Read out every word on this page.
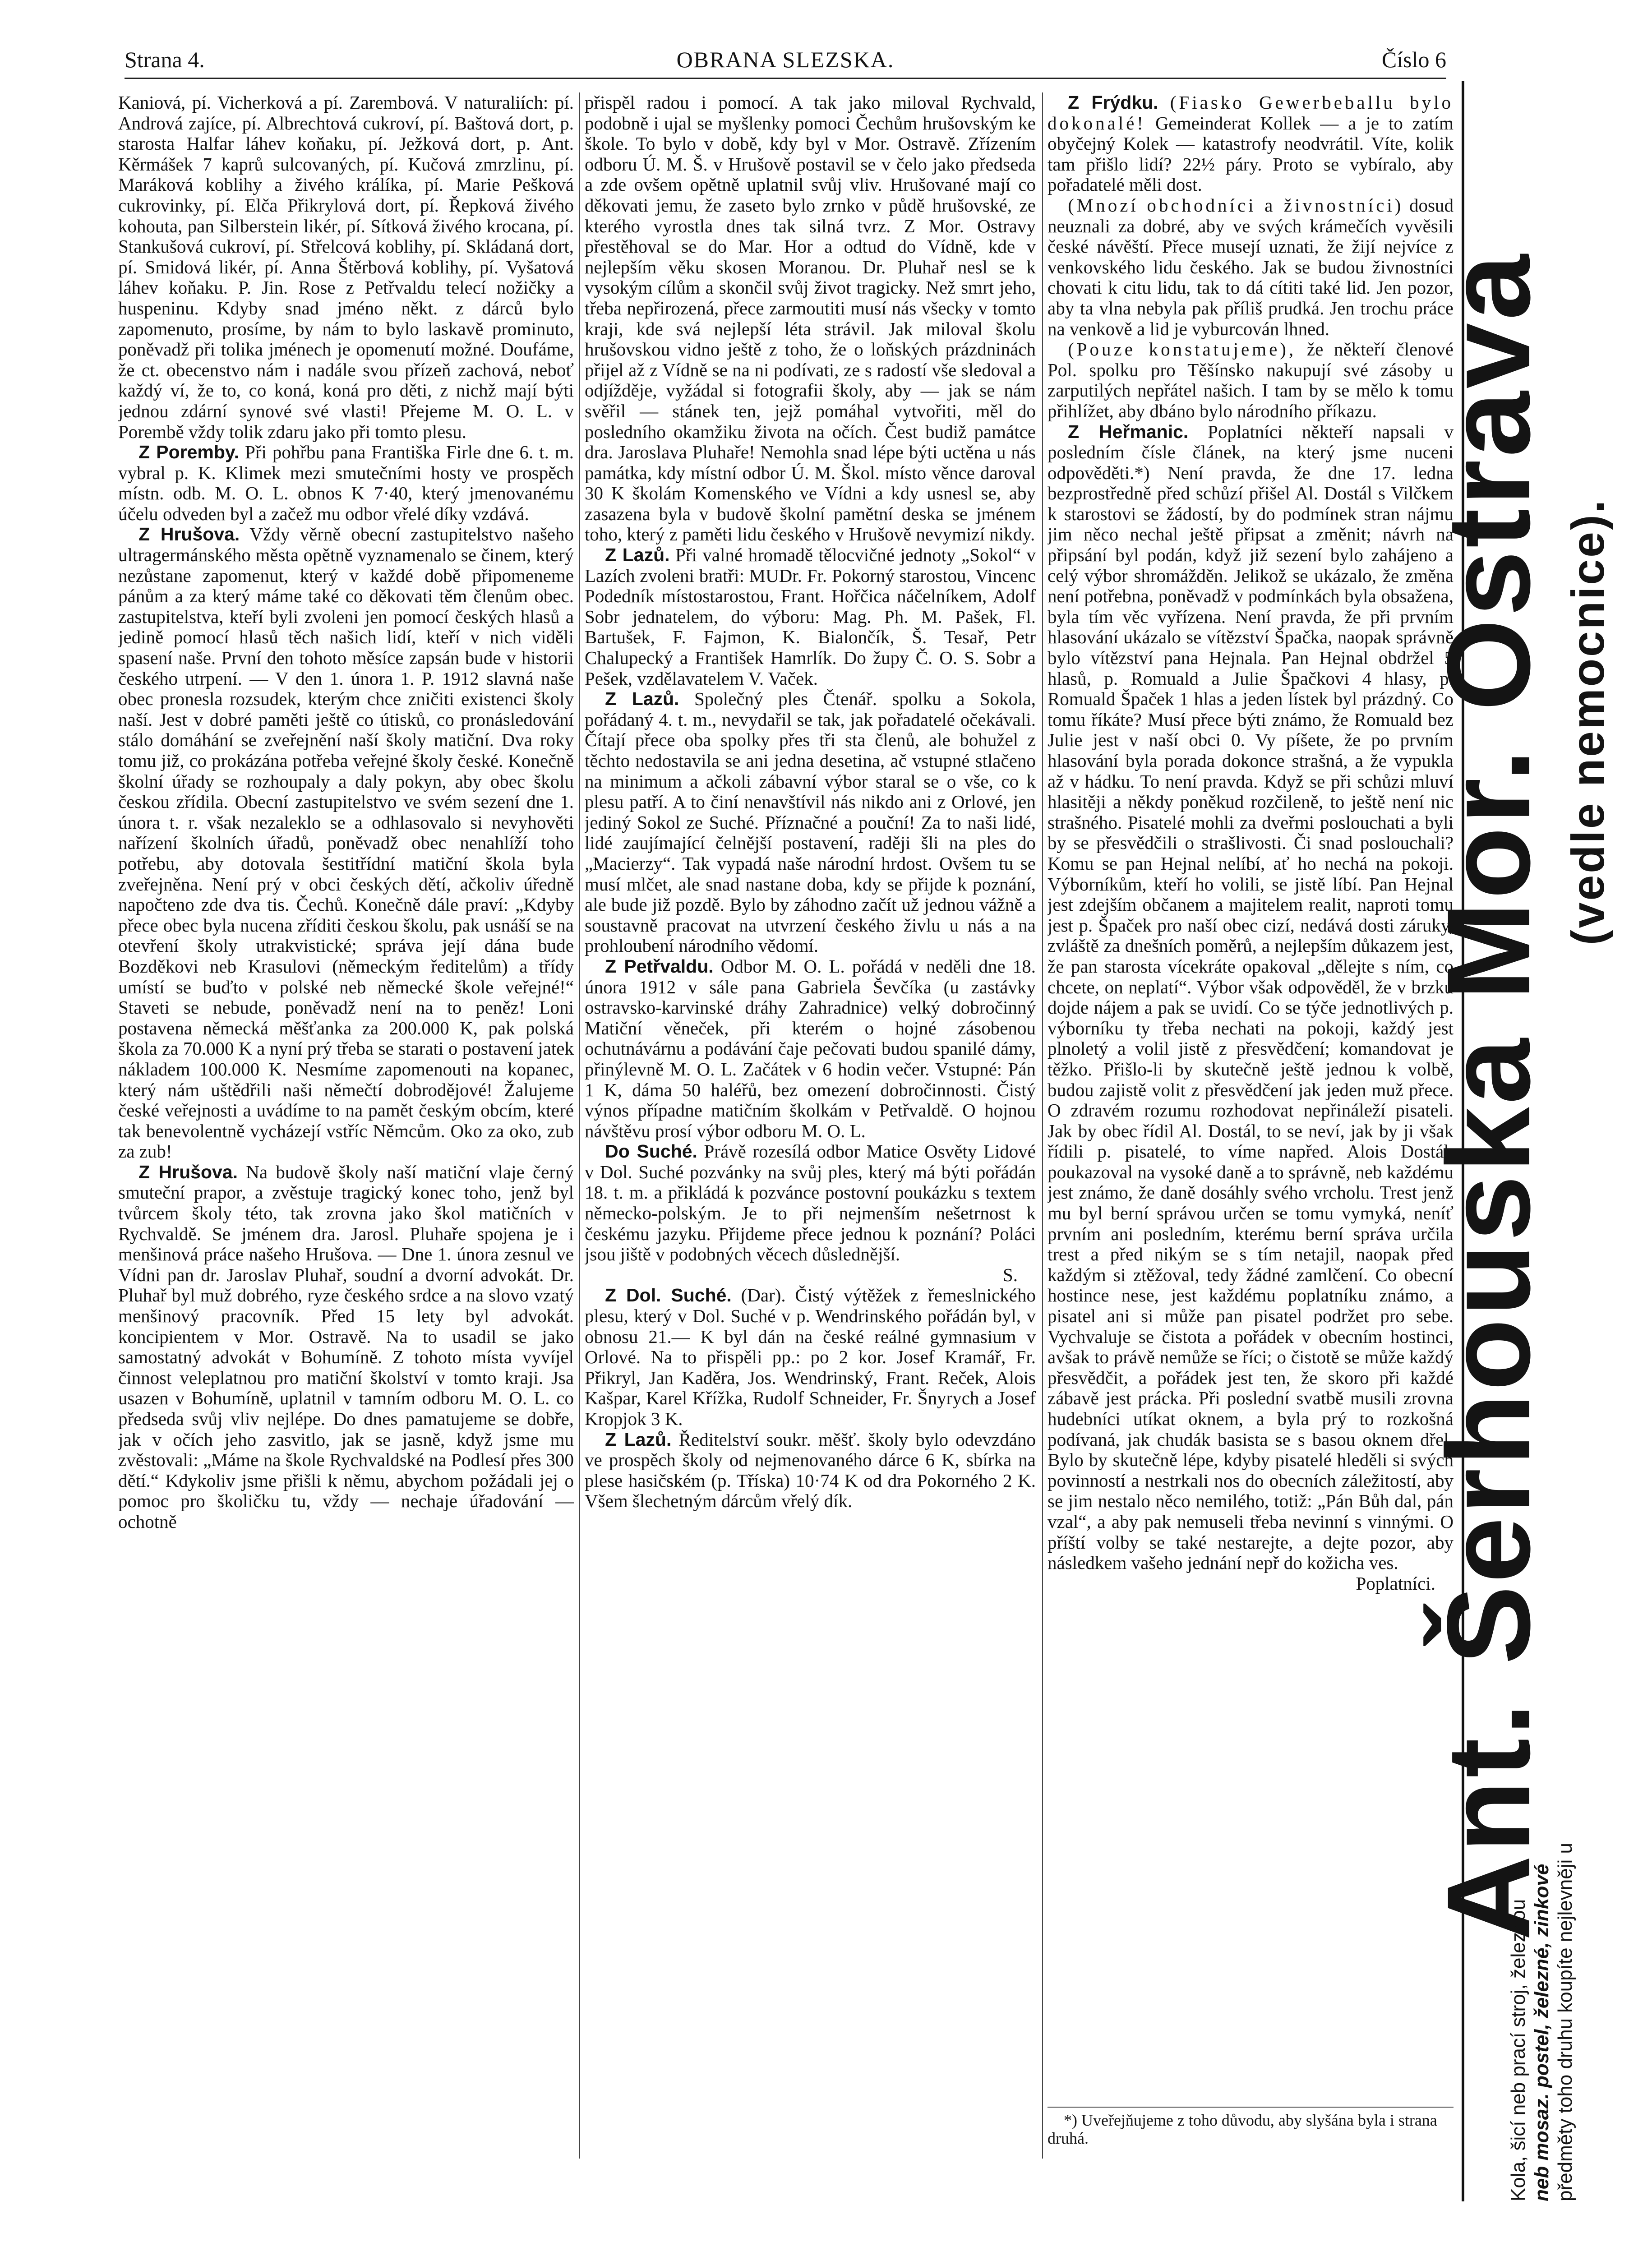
OBRANA SLEZSKA.
Strana 4.	Číslo 6

Kaniová, pí. Vicherková a pí. Zarembová. V naturaliích: pí. Andrová zajíce, pí. Albrechtová cukroví, pí. Baštová dort, p. starosta Halfar láhev koňaku, pí. Ježková dort, p. Ant. Kěrmášek 7 kaprů sulcovaných, pí. Kučová zmrzlinu, pí. Maráková koblihy a živého králíka, pí. Marie Pešková cukrovinky, pí. Elča Přikrylová dort, pí. Řepková živého kohouta, pan Silberstein likér, pí. Sítková živého krocana, pí. Stankušová cukroví, pí. Střelcová koblihy, pí. Skládaná dort, pí. Smidová likér, pí. Anna Štěrbová koblihy, pí. Vyšatová láhev koňaku. P. Jin. Rose z Petřvaldu telecí nožičky a huspeninu. Kdyby snad jméno někt. z dárců bylo zapomenuto, prosíme, by nám to bylo laskavě prominuto, poněvadž při tolika jménech je opomenutí možné. Doufáme, že ct. obecenstvo nám i nadále svou přízeň zachová, neboť každý ví, že to, co koná, koná pro děti, z nichž mají býti jednou zdární synové své vlasti! Přejeme M. O. L. v Porembě vždy tolik zdaru jako při tomto plesu.

Z Poremby. Při pohřbu pana Františka Firle dne 6. t. m. vybral p. K. Klimek mezi smutečními hosty ve prospěch místn. odb. M. O. L. obnos K 7·40, který jmenovanému účelu odveden byl a začež mu odbor vřelé díky vzdává.

Z Hrušova. Vždy věrně obecní zastupitelstvo našeho ultragermánského města opětně vyznamenalo se činem, který nezůstane zapomenut, který v každé době připomeneme pánům a za který máme také co děkovati těm členům obec. zastupitelstva, kteří byli zvoleni jen pomocí českých hlasů a jedině pomocí hlasů těch našich lidí, kteří v nich viděli spasení naše. První den tohoto měsíce zapsán bude v historii českého utrpení. — V den 1. února 1. P. 1912 slavná naše obec pronesla rozsudek, kterým chce zničiti existenci školy naší. Jest v dobré paměti ještě co útisků, co pronásledování stálo domáhání se zveřejnění naší školy matiční. Dva roky tomu již, co prokázána potřeba veřejné školy české. Konečně školní úřady se rozhoupaly a daly pokyn, aby obec školu českou zřídila. Obecní zastupitelstvo ve svém sezení dne 1. února t. r. však nezaleklo se a odhlasovalo si nevyhověti nařízení školních úřadů, poněvadž obec nenahlíží toho potřebu, aby dotovala šestitřídní matiční škola byla zveřejněna. Není prý v obci českých dětí, ačkoliv úředně napočteno zde dva tis. Čechů. Konečně dále praví: „Kdyby přece obec byla nucena zříditi českou školu, pak usnáší se na otevření školy utrakvistické; správa její dána bude Bozděkovi neb Krasulovi (německým ředitelům) a třídy umístí se buďto v polské neb německé škole veřejné!“ Staveti se nebude, poněvadž není na to peněz! Loni postavena německá měšťanka za 200.000 K, pak polská škola za 70.000 K a nyní prý třeba se starati o postavení jatek nákladem 100.000 K. Nesmíme zapomenouti na kopanec, který nám uštědřili naši němečtí dobrodějové! Žalujeme české veřejnosti a uvádíme to na pamět českým obcím, které tak benevolentně vycházejí vstříc Němcům. Oko za oko, zub za zub!

Z Hrušova. Na budově školy naší matiční vlaje černý smuteční prapor, a zvěstuje tragický konec toho, jenž byl tvůrcem školy této, tak zrovna jako škol matičních v Rychvaldě. Se jménem dra. Jarosl. Pluhaře spojena je i menšinová práce našeho Hrušova. — Dne 1. února zesnul ve Vídni pan dr. Jaroslav Pluhař, soudní a dvorní advokát. Dr. Pluhař byl muž dobrého, ryze českého srdce a na slovo vzatý menšinový pracovník. Před 15 lety byl advokát. koncipientem v Mor. Ostravě. Na to usadil se jako samostatný advokát v Bohumíně. Z tohoto místa vyvíjel činnost veleplatnou pro matiční školství v tomto kraji. Jsa usazen v Bohumíně, uplatnil v tamním odboru M. O. L. co předseda svůj vliv nejlépe. Do dnes pamatujeme se dobře, jak v očích jeho zasvitlo, jak se jasně, když jsme mu zvěstovali: „Máme na škole Rychvaldské na Podlesí přes 300 dětí.“ Kdykoliv jsme přišli k němu, abychom požádali jej o pomoc pro školičku tu, vždy — nechaje úřadování — ochotně

přispěl radou i pomocí. A tak jako miloval Rychvald, podobně i ujal se myšlenky pomoci Čechům hrušovským ke škole. To bylo v době, kdy byl v Mor. Ostravě. Zřízením odboru Ú. M. Š. v Hrušově postavil se v čelo jako předseda a zde ovšem opětně uplatnil svůj vliv. Hrušované mají co děkovati jemu, že zaseto bylo zrnko v půdě hrušovské, ze kterého vyrostla dnes tak silná tvrz. Z Mor. Ostravy přestěhoval se do Mar. Hor a odtud do Vídně, kde v nejlepším věku skosen Moranou. Dr. Pluhař nesl se k vysokým cílům a skončil svůj život tragicky. Než smrt jeho, třeba nepřirozená, přece zarmoutiti musí nás všecky v tomto kraji, kde svá nejlepší léta strávil. Jak miloval školu hrušovskou vidno ještě z toho, že o loňských prázdninách přijel až z Vídně se na ni podívati, ze s radostí vše sledoval a odjížděje, vyžádal si fotografii školy, aby — jak se nám svěřil — stánek ten, jejž pomáhal vytvořiti, měl do posledního okamžiku života na očích. Čest budiž památce dra. Jaroslava Pluhaře! Nemohla snad lépe býti uctěna u nás památka, kdy místní odbor Ú. M. Škol. místo věnce daroval 30 K školám Komenského ve Vídni a kdy usnesl se, aby zasazena byla v budově školní pamětní deska se jménem toho, který z paměti lidu českého v Hrušově nevymizí nikdy.

Z Lazů. Při valné hromadě tělocvičné jednoty „Sokol“ v Lazích zvoleni bratři: MUDr. Fr. Pokorný starostou, Vincenc Podedník místostarostou, Frant. Hořčica náčelníkem, Adolf Sobr jednatelem, do výboru: Mag. Ph. M. Pašek, Fl. Bartušek, F. Fajmon, K. Bialončík, Š. Tesař, Petr Chalupecký a František Hamrlík. Do župy Č. O. S. Sobr a Pešek, vzdělavatelem V. Vaček.

Z Lazů. Společný ples Čtenář. spolku a Sokola, pořádaný 4. t. m., nevydařil se tak, jak pořadatelé očekávali. Čítají přece oba spolky přes tři sta členů, ale bohužel z těchto nedostavila se ani jedna desetina, ač vstupné stlačeno na minimum a ačkoli zábavní výbor staral se o vše, co k plesu patří. A to činí nenavštívil nás nikdo ani z Orlové, jen jediný Sokol ze Suché. Příznačné a pouční! Za to naši lidé, lidé zaujímající čelnější postavení, raději šli na ples do „Macierzy“. Tak vypadá naše národní hrdost. Ovšem tu se musí mlčet, ale snad nastane doba, kdy se přijde k poznání, ale bude již pozdě. Bylo by záhodno začít už jednou vážně a soustavně pracovat na utvrzení českého živlu u nás a na prohloubení národního vědomí.

Z Petřvaldu. Odbor M. O. L. pořádá v neděli dne 18. února 1912 v sále pana Gabriela Ševčíka (u zastávky ostravsko-karvinské dráhy Zahradnice) velký dobročinný Matiční věneček, při kterém o hojné zásobenou ochutnávárnu a podávání čaje pečovati budou spanilé dámy, přinýlevně M. O. L. Začátek v 6 hodin večer. Vstupné: Pán 1 K, dáma 50 haléřů, bez omezení dobročinnosti. Čistý výnos případne matičním školkám v Petřvaldě. O hojnou návštěvu prosí výbor odboru M. O. L.

Do Suché. Právě rozesílá odbor Matice Osvěty Lidové v Dol. Suché pozvánky na svůj ples, který má býti pořádán 18. t. m. a přikládá k pozvánce postovní poukázku s textem německo-polským. Je to při nejmenším nešetrnost k českému jazyku. Přijdeme přece jednou k poznání? Poláci jsou jiště v podobných věcech důslednější.

S.

Z Dol. Suché. (Dar). Čistý výtěžek z řemeslnického plesu, který v Dol. Suché v p. Wendrinského pořádán byl, v obnosu 21.— K byl dán na české reálné gymnasium v Orlové. Na to přispěli pp.: po 2 kor. Josef Kramář, Fr. Přikryl, Jan Kaděra, Jos. Wendrinský, Frant. Reček, Alois Kašpar, Karel Křížka, Rudolf Schneider, Fr. Šnyrych a Josef Kropjok 3 K.

Z Lazů. Ředitelství soukr. měšť. školy bylo odevzdáno ve prospěch školy od nejmenovaného dárce 6 K, sbírka na plese hasičském (p. Tříska) 10·74 K od dra Pokorného 2 K. Všem šlechetným dárcům vřelý dík.

Z Frýdku. (Fiasko Gewerbeballu bylo dokonalé! Gemeinderat Kollek — a je to zatím obyčejný Kolek — katastrofy neodvrátil. Víte, kolik tam přišlo lidí? 22½ páry. Proto se vybíralo, aby pořadatelé měli dost.

(Mnozí obchodníci a živnostníci) dosud neuznali za dobré, aby ve svých krámečích vyvěsili české návěští. Přece musejí uznati, že žijí nejvíce z venkovského lidu českého. Jak se budou živnostníci chovati k citu lidu, tak to dá cítiti také lid. Jen pozor, aby ta vlna nebyla pak příliš prudká. Jen trochu práce na venkově a lid je vyburcován lhned.

(Pouze konstatujeme), že někteří členové Pol. spolku pro Těšínsko nakupují své zásoby u zarputilých nepřátel našich. I tam by se mělo k tomu přihlížet, aby dbáno bylo národního příkazu.

Z Heřmanic. Poplatníci někteří napsali v posledním čísle článek, na který jsme nuceni odpověděti.*) Není pravda, že dne 17. ledna bezprostředně před schůzí přišel Al. Dostál s Vilčkem k starostovi se žádostí, by do podmínek stran nájmu jim něco nechal ještě připsat a změnit; návrh na připsání byl podán, když již sezení bylo zahájeno a celý výbor shromážděn. Jelikož se ukázalo, že změna není potřebna, poněvadž v podmínkách byla obsažena, byla tím věc vyřízena. Není pravda, že při prvním hlasování ukázalo se vítězství Špačka, naopak správně bylo vítězství pana Hejnala. Pan Hejnal obdržel 5 hlasů, p. Romuald a Julie Špačkovi 4 hlasy, p. Romuald Špaček 1 hlas a jeden lístek byl prázdný. Co tomu říkáte? Musí přece býti známo, že Romuald bez Julie jest v naší obci 0. Vy píšete, že po prvním hlasování byla porada dokonce strašná, a že vypukla až v hádku. To není pravda. Když se při schůzi mluví hlasitěji a někdy poněkud rozčileně, to ještě není nic strašného. Pisatelé mohli za dveřmi poslouchati a byli by se přesvědčili o strašlivosti. Či snad poslouchali? Komu se pan Hejnal nelíbí, ať ho nechá na pokoji. Výborníkům, kteří ho volili, se jistě líbí. Pan Hejnal jest zdejším občanem a majitelem realit, naproti tomu jest p. Špaček pro naší obec cizí, nedává dosti záruky, zvláště za dnešních poměrů, a nejlepším důkazem jest, že pan starosta vícekráte opakoval „dělejte s ním, co chcete, on neplatí“. Výbor však odpověděl, že v brzku dojde nájem a pak se uvidí. Co se týče jednotlivých p. výborníku ty třeba nechati na pokoji, každý jest plnoletý a volil jistě z přesvědčení; komandovat je těžko. Přišlo-li by skutečně ještě jednou k volbě, budou zajistě volit z přesvědčení jak jeden muž přece. O zdravém rozumu rozhodovat nepřináleží pisateli. Jak by obec řídil Al. Dostál, to se neví, jak by ji však řídili p. pisatelé, to víme napřed. Alois Dostál, poukazoval na vysoké daně a to správně, neb každému jest známo, že daně dosáhly svého vrcholu. Trest jenž mu byl berní správou určen se tomu vymyká, neníť prvním ani posledním, kterému berní správa určila trest a před nikým se s tím netajil, naopak před každým si ztěžoval, tedy žádné zamlčení. Co obecní hostince nese, jest každému poplatníku známo, a pisatel ani si může pan pisatel podržet pro sebe. Vychvaluje se čistota a pořádek v obecním hostinci, avšak to právě nemůže se říci; o čistotě se může každý přesvědčit, a pořádek jest ten, že skoro při každé zábavě jest prácka. Při poslední svatbě musili zrovna hudebníci utíkat oknem, a byla prý to rozkošná podívaná, jak chudák basista se s basou oknem dřel. Bylo by skutečně lépe, kdyby pisatelé hleděli si svých povinností a nestrkali nos do obecních záležitostí, aby se jim nestalo něco nemilého, totiž: „Pán Bůh dal, pán vzal“, a aby pak nemuseli třeba nevinní s vinnými. O příští volby se také nestarejte, a dejte pozor, aby následkem vašeho jednání nepř do kožicha ves.

Poplatníci.

*) Uveřejňujeme z toho důvodu, aby slyšána byla i strana druhá.
Ant. Šerhouska Mor. Ostrava (vedle nemocnice).
Kola, šicí neb prací stroj, železnou neb mosaz. postel, železné, zinkové předměty toho druhu koupíte nejlevněji u
